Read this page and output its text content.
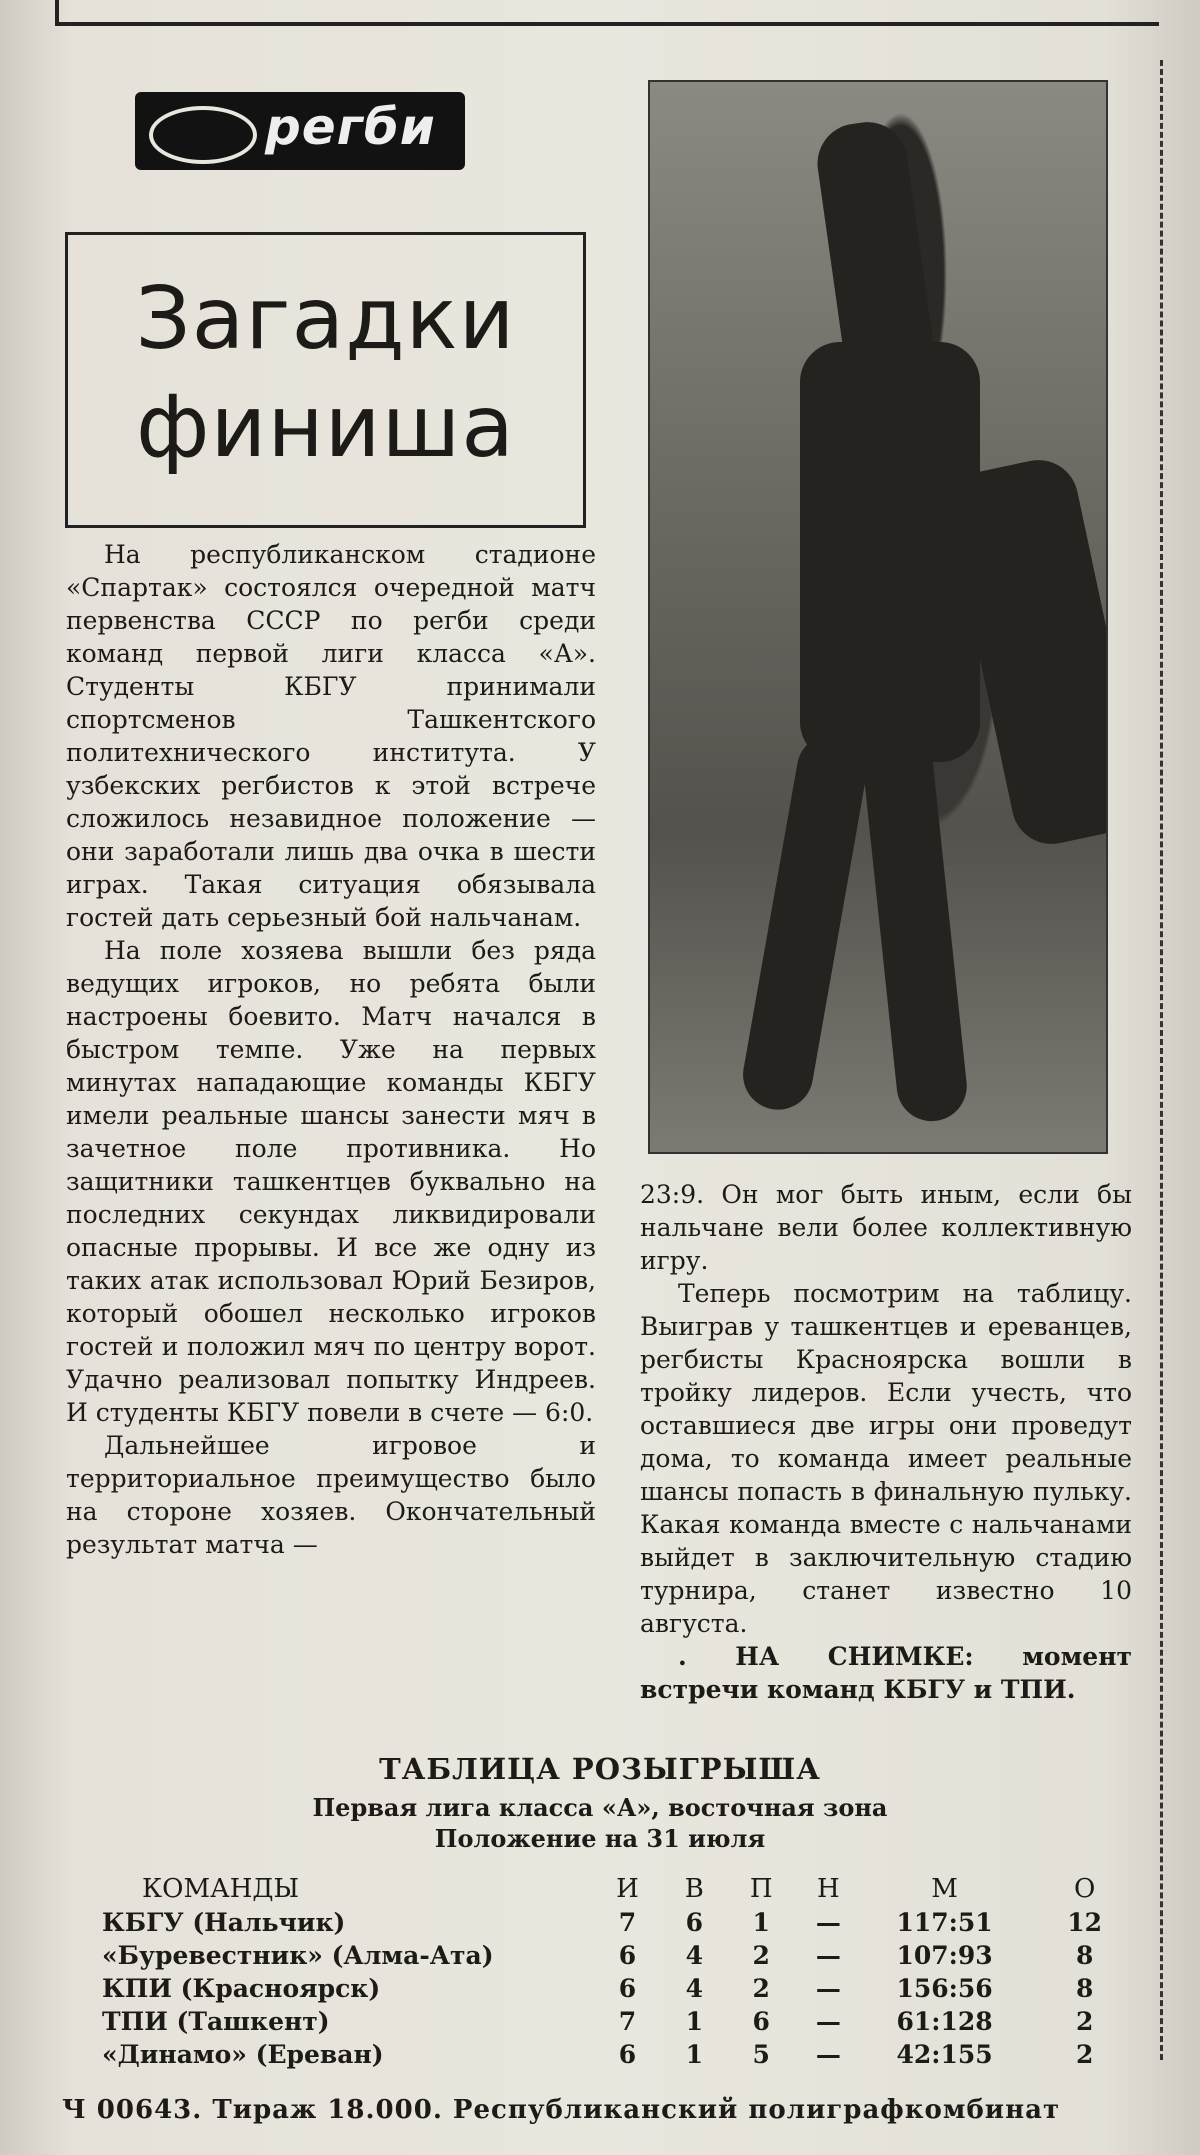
регби
Загадки
финиша

На республиканском стадионе «Спартак» состоялся очередной матч первенства СССР по регби среди команд первой лиги класса «А». Студенты КБГУ принимали спортсменов Ташкентского политехнического института. У узбекских регбистов к этой встрече сложилось незавидное положение — они заработали лишь два очка в шести играх. Такая ситуация обязывала гостей дать серьезный бой нальчанам.

На поле хозяева вышли без ряда ведущих игроков, но ребята были настроены боевито. Матч начался в быстром темпе. Уже на первых минутах нападающие команды КБГУ имели реальные шансы занести мяч в зачетное поле противника. Но защитники ташкентцев буквально на последних секундах ликвидировали опасные прорывы. И все же одну из таких атак использовал Юрий Безиров, который обошел несколько игроков гостей и положил мяч по центру ворот. Удачно реализовал попытку Индреев. И студенты КБГУ повели в счете — 6:0.

Дальнейшее игровое и территориальное преимущество было на стороне хозяев. Окончательный результат матча —

23:9. Он мог быть иным, если бы нальчане вели более коллективную игру.

Теперь посмотрим на таблицу. Выиграв у ташкентцев и ереванцев, регбисты Красноярска вошли в тройку лидеров. Если учесть, что оставшиеся две игры они проведут дома, то команда имеет реальные шансы попасть в финальную пульку. Какая команда вместе с нальчанами выйдет в заключительную стадию турнира, станет известно 10 августа.

. НА СНИМКЕ: момент встречи команд КБГУ и ТПИ.

ТАБЛИЦА РОЗЫГРЫША
Первая лига класса «А», восточная зона
Положение на 31 июля
КОМАНДЫ	И	В	П	Н	М	О
КБГУ (Нальчик)	7	6	1	—	117:51	12
«Буревестник» (Алма-Ата)	6	4	2	—	107:93	8
КПИ (Красноярск)	6	4	2	—	156:56	8
ТПИ (Ташкент)	7	1	6	—	61:128	2
«Динамо» (Ереван)	6	1	5	—	42:155	2
Ч 00643. Тираж 18.000. Республиканский полиграфкомбинат
